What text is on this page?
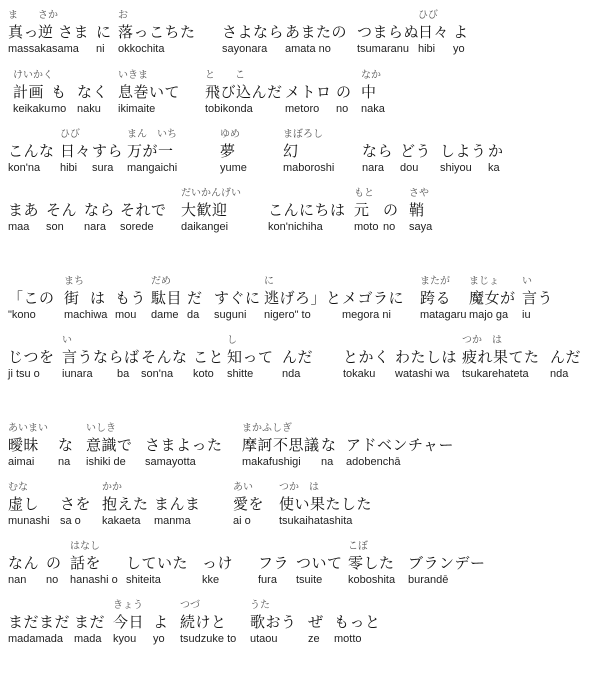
ま
真っ
massakasama
さか
逆 さま に
ni
お
落っこちた
okkochita
さよなら
sayonara
あまたの
amata no
つまらぬ
tsumaranu
ひび
日々
hibi
よ
yo
けいかく
計画
keikaku
も
mo
なく
naku
いきま
息巻いて
ikimaite
と　　こ
飛び込んだ
tobikonda
メトロ
metoro
の
no
なか
中
naka
こんな
kon'na
ひび
日々
hibi
すら
sura
まん　いち
万が一
mangaichi
ゆめ
夢
yume
まぼろし
幻
maboroshi
なら
nara
どう
dou
しよう
shiyou
か
ka
まあ
maa
そん
son
なら
nara
それで
sorede
だいかんげい
大歓迎
daikangei
こんにちは
kon'nichiha
もと
元
moto
の
no
さや
鞘
saya
「この
"kono
まち
街
machiwa
は もう
mou
だめ
駄目
dame
だ
da
すぐに
suguni
に
逃げろ」と
nigero" to
メゴラに
megora ni
またが
跨る
matagaru
まじょ
魔女が
majo ga
い
言う
iu
じつを
ji tsu o
い
言うならば
iunara ba
そんな
son'na
こと
koto
し
知って
shitte
んだ
nda
とかく
tokaku
わたしは
watashi wa
つか　は
疲れ果てた
tsukarehateta
んだ
nda
あいまい
曖昧
aimai
な
na
いしき
意識で
ishiki de
さまよった
samayotta
まかふしぎ
摩訶不思議
makafushigi
な
na
アドベンチャー
adobenchā
むな
虚し
munashi
さを
sa o
かか
抱えた
kakaeta
まんま
manma
あい
愛を
ai o
つか　は
使い果たした
tsukaihatashita
なん
nan
の
no
はなし
話を
hanashi o
していた
shiteita
っけ
kke
フラ
fura
ついて
tsuite
こぼ
零した
koboshita
ブランデー
burandē
まだまだ
madamada
まだ
mada
きょう
今日
kyou
よ
yo
つづ
続けと
tsudzuke to
うた
歌おう
utaou
ぜ
ze
もっと
motto
